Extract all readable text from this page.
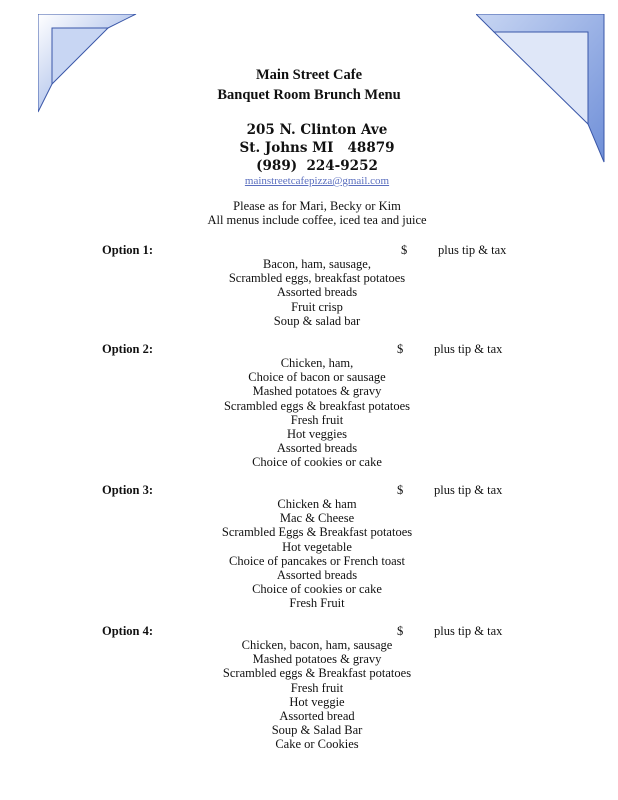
Main Street Cafe
Banquet Room Brunch Menu
205 N. Clinton Ave
St. Johns MI   48879
(989)  224-9252
mainstreetcafepizza@gmail.com
Please as for Mari, Becky or Kim
All menus include coffee, iced tea and juice
Option 1:	$ plus tip & tax
Bacon, ham, sausage,
Scrambled eggs, breakfast potatoes
Assorted breads
Fruit crisp
Soup & salad bar
Option 2:	$ plus tip & tax
Chicken, ham,
Choice of bacon or sausage
Mashed potatoes & gravy
Scrambled eggs & breakfast potatoes
Fresh fruit
Hot veggies
Assorted breads
Choice of cookies or cake
Option 3:	$ plus tip & tax
Chicken & ham
Mac & Cheese
Scrambled Eggs & Breakfast potatoes
Hot vegetable
Choice of pancakes or French toast
Assorted breads
Choice of cookies or cake
Fresh Fruit
Option 4:	$ plus tip & tax
Chicken, bacon, ham, sausage
Mashed potatoes & gravy
Scrambled eggs & Breakfast potatoes
Fresh fruit
Hot veggie
Assorted bread
Soup & Salad Bar
Cake or Cookies
